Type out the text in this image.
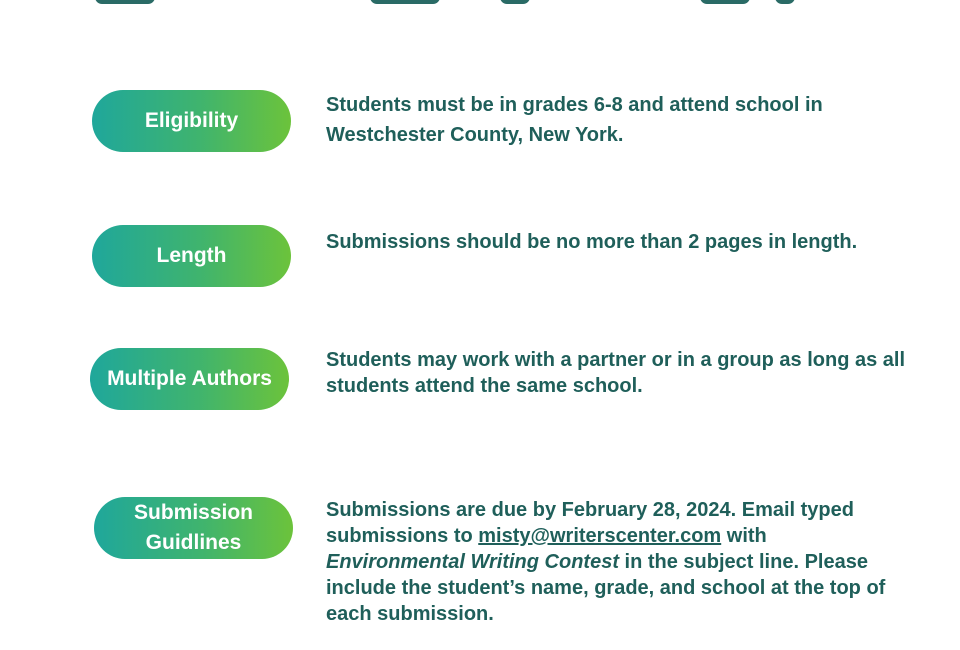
Eligibility
Students must be in grades 6-8 and attend school in Westchester County, New York.
Length
Submissions should be no more than 2 pages in length.
Multiple Authors
Students may work with a partner or in a group as long as all students attend the same school.
Submission
Guidlines
Submissions are due by February 28, 2024. Email typed submissions to misty@writerscenter.com with Environmental Writing Contest in the subject line. Please include the student’s name, grade, and school at the top of each submission.
